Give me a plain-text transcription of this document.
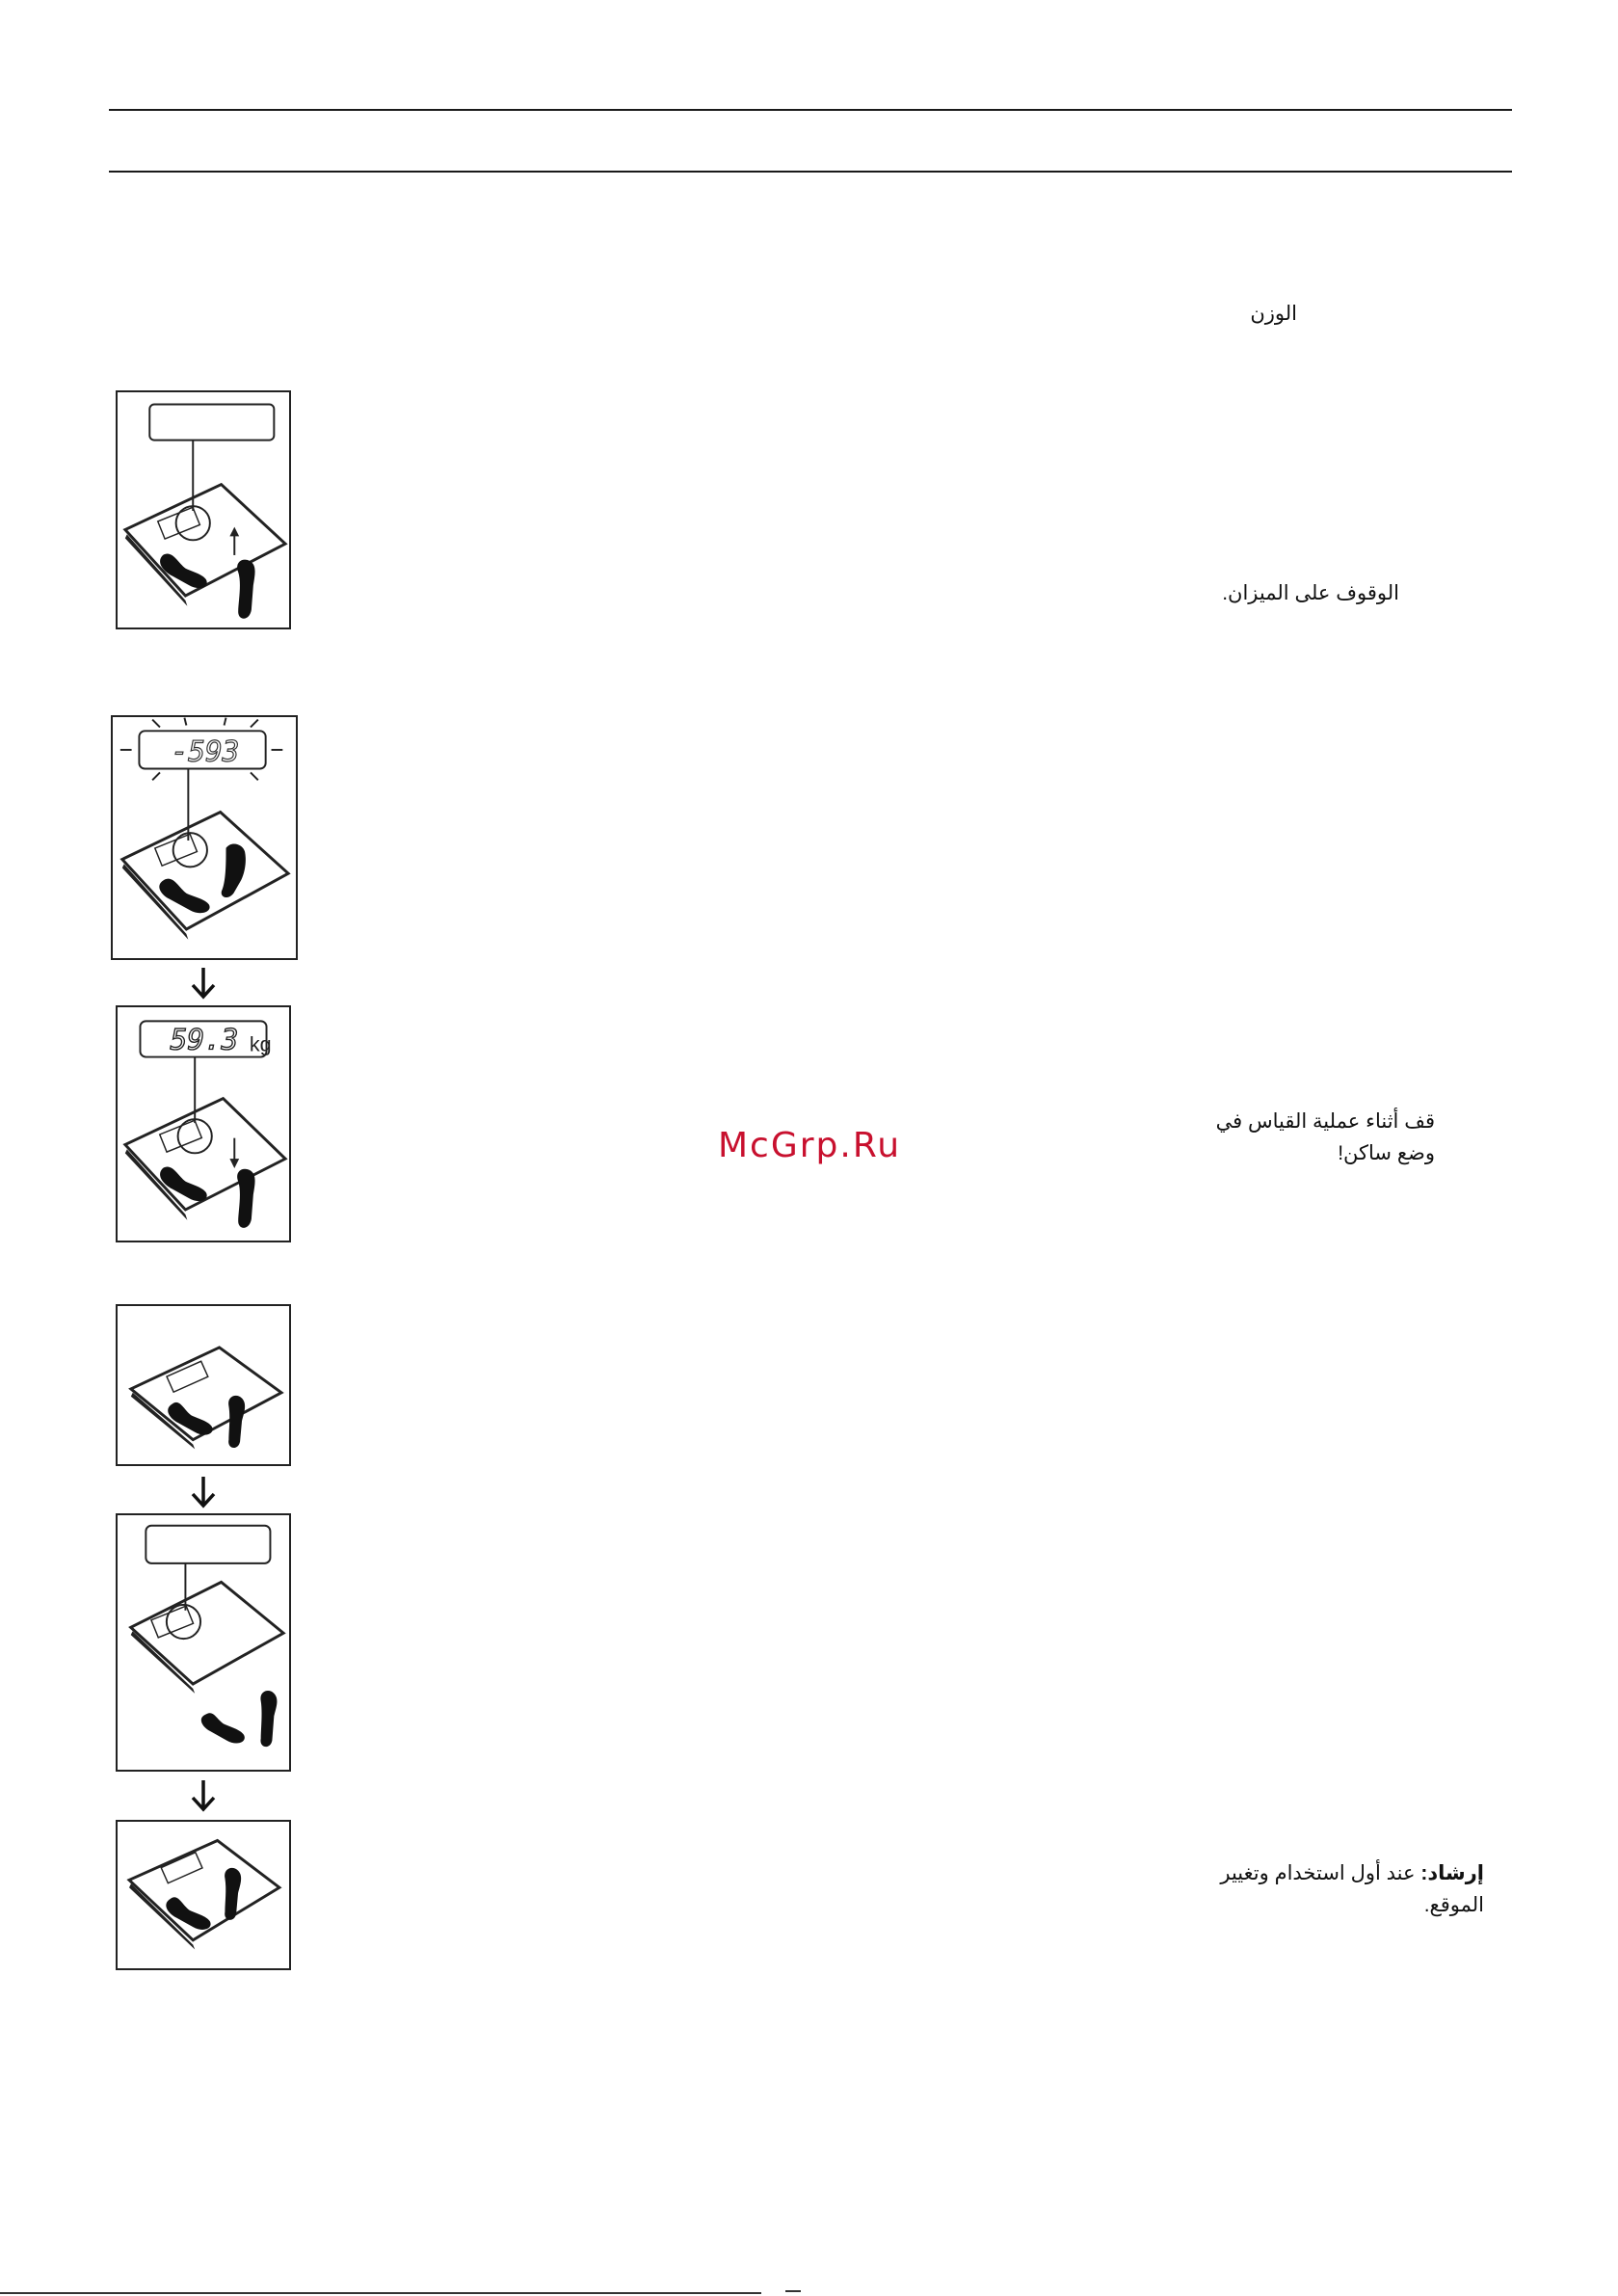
الوزن
الوقوف على الميزان.
-593
59.3 kg
قف أثناء عملية القياس في
وضع ساكن!
McGrp.Ru
إرشاد: عند أول استخدام وتغيير
الموقع.
